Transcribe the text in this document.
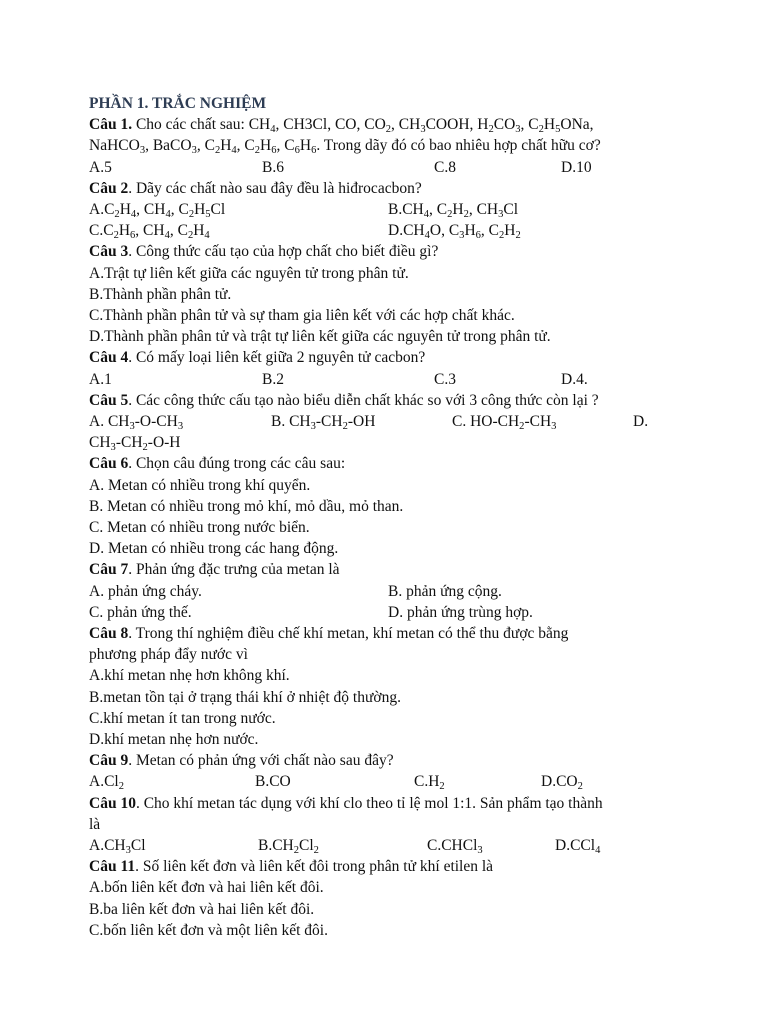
PHẦN 1. TRẮC NGHIỆM
Câu 1. Cho các chất sau: $CH_4$, CH3Cl, CO, $CO_2$, $CH_3COOH$, $H_2CO_3$, $C_2H_5ONa$,
NaHCO$_3$, BaCO$_3$, $C_2H_4$, $C_2H_6$, $C_6H_6$. Trong dãy đó có bao nhiêu hợp chất hữu cơ?
A.5	B.6	C.8	D.10
Câu 2. Dãy các chất nào sau đây đều là hiđrocacbon?
$A.C_2H_4$, $CH_4$, $C_2H_5Cl$	$B.CH_4$, $C_2H_2$, $CH_3Cl$
$C.C_2H_6$, $CH_4$, $C_2H_4$	$D.CH_4O$, $C_3H_6$, $C_2H_2$
Câu 3. Công thức cấu tạo của hợp chất cho biết điều gì?
A.Trật tự liên kết giữa các nguyên tử trong phân tử.
B.Thành phần phân tử.
C.Thành phần phân tử và sự tham gia liên kết với các hợp chất khác.
D.Thành phần phân tử và trật tự liên kết giữa các nguyên tử trong phân tử.
Câu 4. Có mấy loại liên kết giữa 2 nguyên tử cacbon?
A.1	B.2	C.3	D.4.
Câu 5. Các công thức cấu tạo nào biểu diễn chất khác so với 3 công thức còn lại ?
A. $CH_3-O-CH_3$	B. $CH_3-CH_2-OH$	C. $HO-CH_2-CH_3$	D.
$CH_3-CH_2-O-H$
Câu 6. Chọn câu đúng trong các câu sau:
A. Metan có nhiều trong khí quyển.
B. Metan có nhiều trong mỏ khí, mỏ dầu, mỏ than.
C. Metan có nhiều trong nước biển.
D. Metan có nhiều trong các hang động.
Câu 7. Phản ứng đặc trưng của metan là
A. phản ứng cháy.	B. phản ứng cộng.
C. phản ứng thế.	D. phản ứng trùng hợp.
Câu 8. Trong thí nghiệm điều chế khí metan, khí metan có thể thu được bằng
phương pháp đẩy nước vì
A.khí metan nhẹ hơn không khí.
B.metan tồn tại ở trạng thái khí ở nhiệt độ thường.
C.khí metan ít tan trong nước.
D.khí metan nhẹ hơn nước.
Câu 9. Metan có phản ứng với chất nào sau đây?
$A.Cl_2$	B.CO	$C.H_2$	$D.CO_2$
Câu 10. Cho khí metan tác dụng với khí clo theo tỉ lệ mol 1:1. Sản phẩm tạo thành
là
$A.CH_3Cl$	$B.CH_2Cl_2$	C.CHCl$_3$	D.CCl$_4$
Câu 11. Số liên kết đơn và liên kết đôi trong phân tử khí etilen là
A.bốn liên kết đơn và hai liên kết đôi.
B.ba liên kết đơn và hai liên kết đôi.
C.bốn liên kết đơn và một liên kết đôi.
